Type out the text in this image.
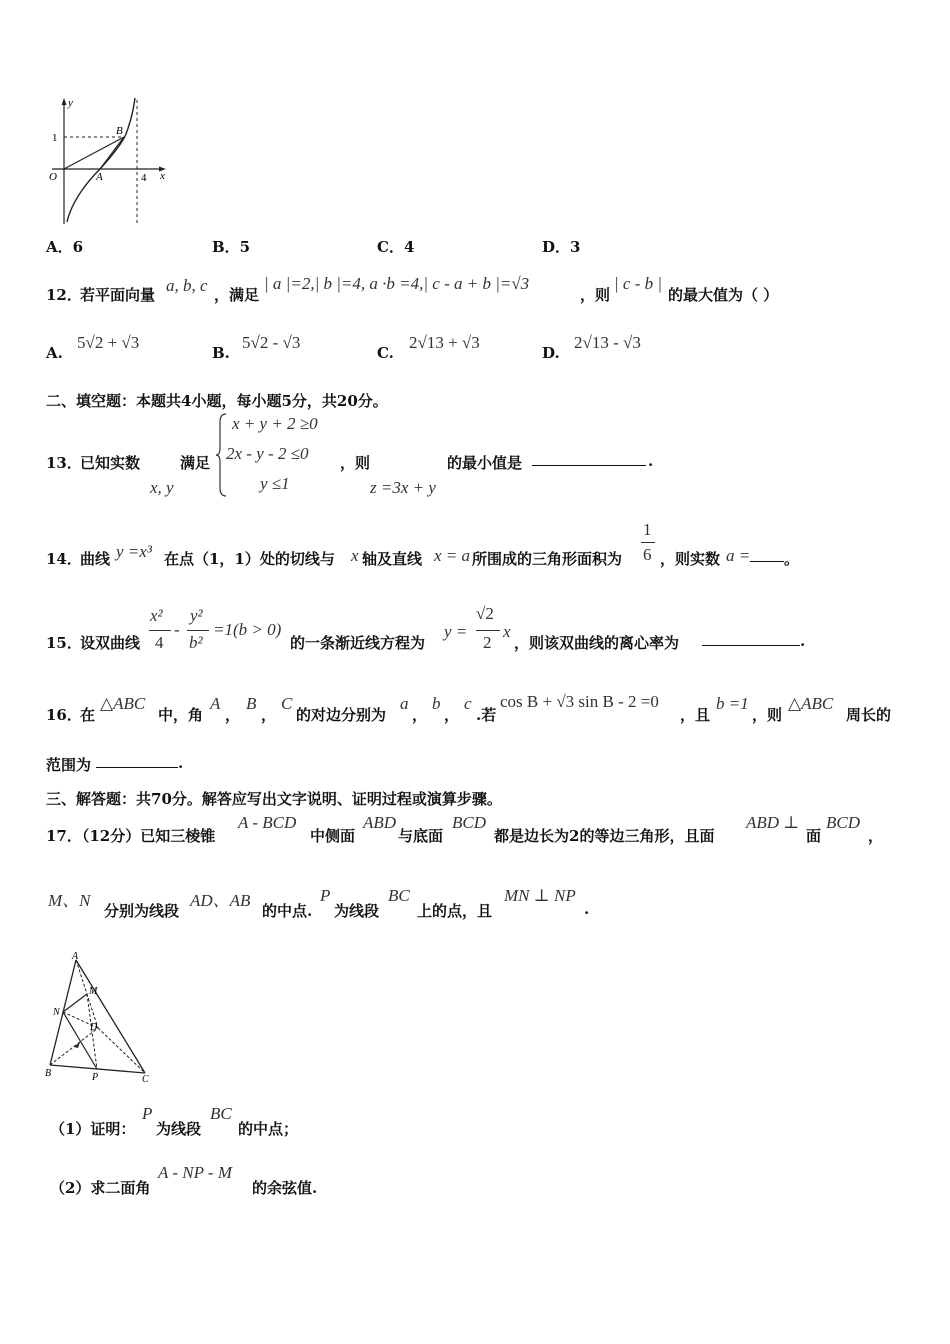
y
x
1
O	A
B
4
A．6	B．5	C．4	D．3
12．
若平面向量 a, b, c ，满足
| a |=2,| b |=4, a ·b =4,| c - a + b |=√3
，则
| c - b |
的最大值为（ ）
A.
5√2 + √3
B.
5√2 - √3
C.
2√13 + √3
D.
2√13 - √3
二、填空题：本题共4小题，每小题5分，共20分。
13．
已知实数
x, y
满足
x + y + 2 ≥0
2x - y - 2 ≤0
y ≤1
，则
z =3x + y
的最小值是	.
14．
曲线 y =x³ 在点（1，1）处的切线与 x 轴及直线 x = a 所围成的三角形面积为
1
6 ，则实数 a = 。
15．
设双曲线
x²
4
-
y²
b²
=1(b > 0)
的一条渐近线方程为
y =
√2
2
x
，则该双曲线的离心率为	.
16．
在
△ABC
中，角
A
，
B
，
C
的对边分别为
a
，
b
，
c
.若
cos B + √3 sin B - 2 =0
，且
b =1
，则
△ABC
周长的
范围为	.
三、解答题：共70分。解答应写出文字说明、证明过程或演算步骤。
17．（12分）已知三棱锥
A - BCD
中侧面
ABD
与底面
BCD
都是边长为2的等边三角形，且面
ABD ⊥
面
BCD
，
M、N
分别为线段
AD、AB
的中点.
P
为线段
BC
上的点，且
MN ⊥ NP
.
A
M
N
D
B	P	C
（1）证明：
P
为线段
BC
的中点；
（2）求二面角
A - NP - M
的余弦值.
